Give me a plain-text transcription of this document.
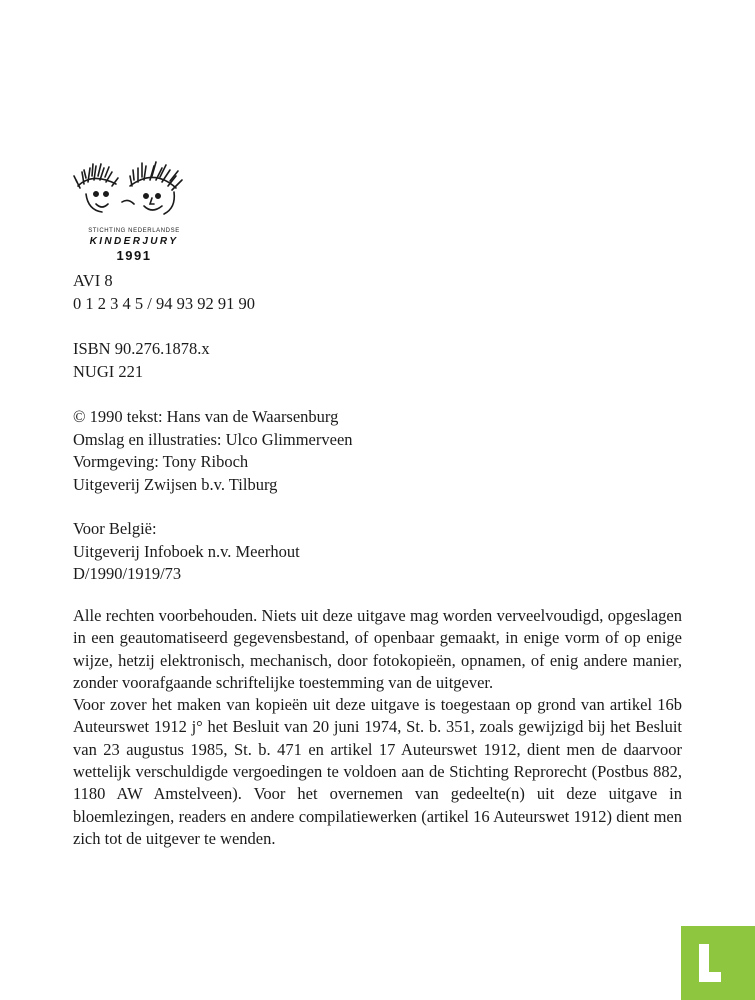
STICHTING NEDERLANDSE
KINDERJURY
1991
AVI 8
0 1 2 3 4 5 / 94 93 92 91 90
ISBN 90.276.1878.x
NUGI 221
© 1990 tekst: Hans van de Waarsenburg
Omslag en illustraties: Ulco Glimmerveen
Vormgeving: Tony Riboch
Uitgeverij Zwijsen b.v. Tilburg
Voor België:
Uitgeverij Infoboek n.v. Meerhout
D/1990/1919/73

Alle rechten voorbehouden. Niets uit deze uitgave mag worden verveelvoudigd, opgeslagen in een geautomatiseerd gegevensbestand, of openbaar gemaakt, in enige vorm of op enige wijze, hetzij elektronisch, mechanisch, door fotokopieën, opnamen, of enig andere manier, zonder voorafgaande schriftelijke toestemming van de uitgever.

Voor zover het maken van kopieën uit deze uitgave is toegestaan op grond van artikel 16b Auteurswet 1912 j° het Besluit van 20 juni 1974, St. b. 351, zoals gewijzigd bij het Besluit van 23 augustus 1985, St. b. 471 en artikel 17 Auteurswet 1912, dient men de daarvoor wettelijk verschuldigde vergoedingen te voldoen aan de Stichting Reprorecht (Postbus 882, 1180 AW Amstelveen). Voor het overnemen van gedeelte(n) uit deze uitgave in bloemlezingen, readers en andere compilatiewerken (artikel 16 Auteurswet 1912) dient men zich tot de uitgever te wenden.
